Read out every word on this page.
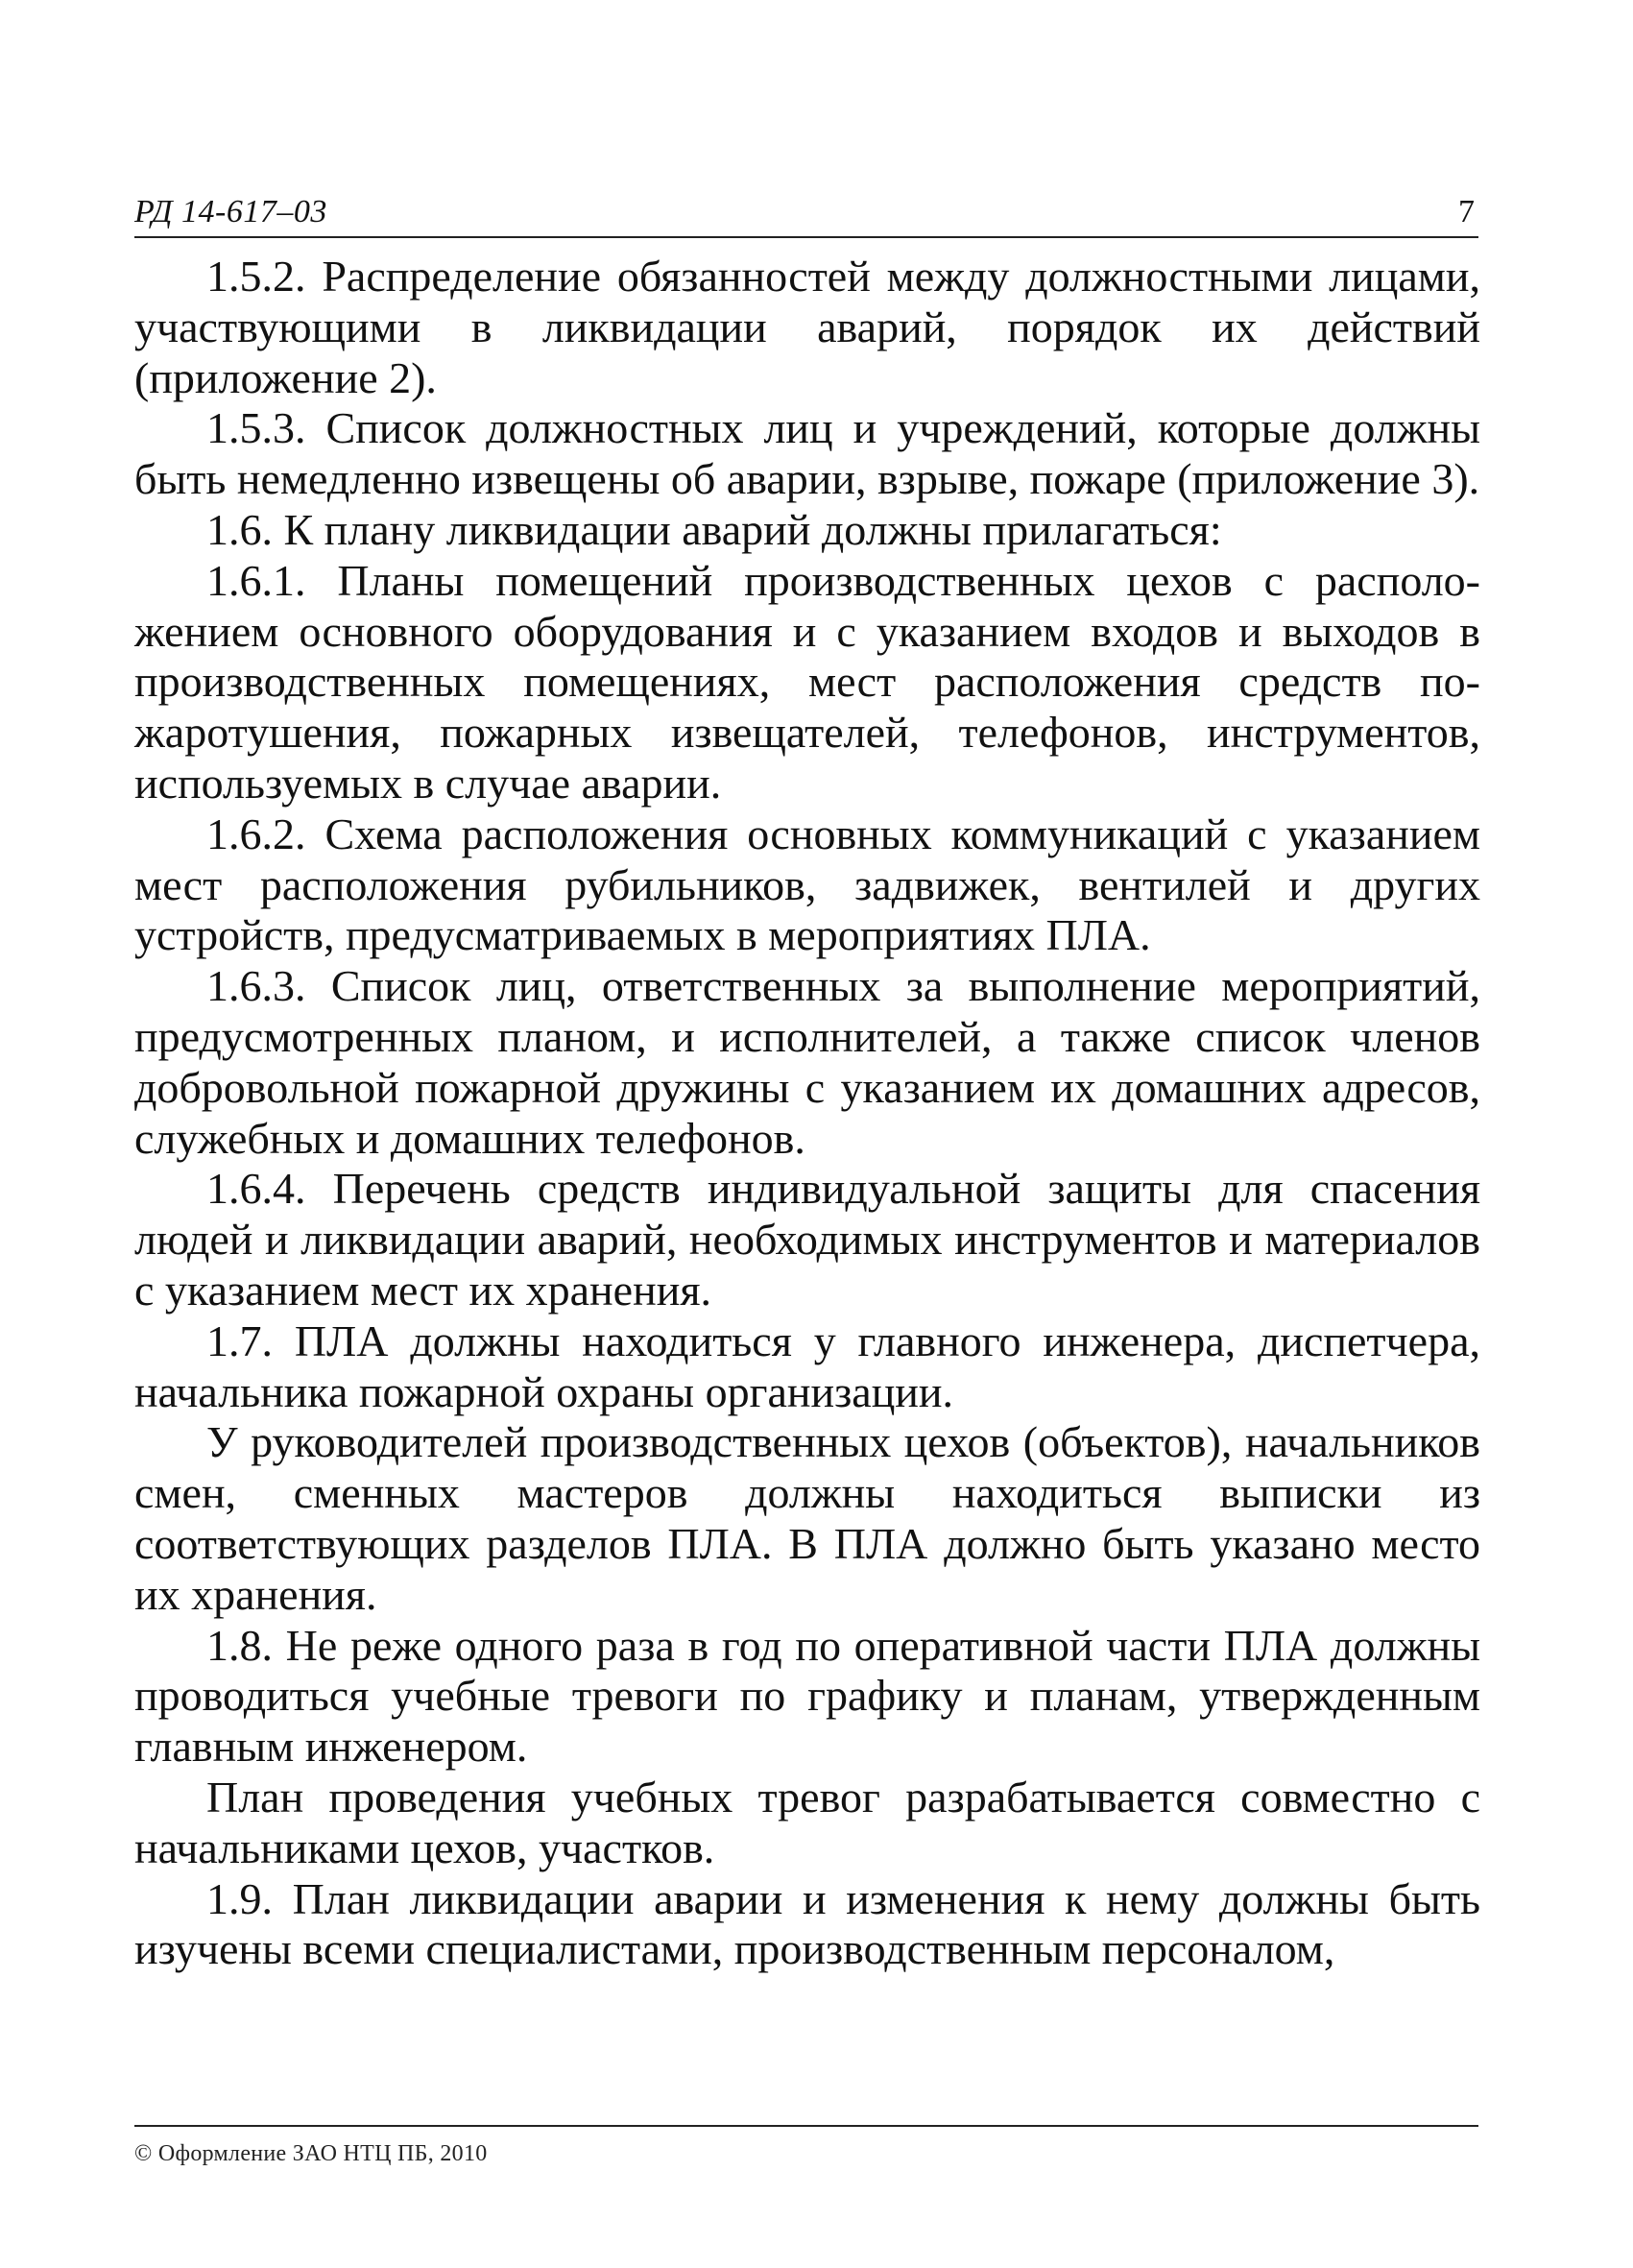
РД 14-617–03	7

1.5.2. Распределение обязанностей между должностными лицами, участвующими в ликвидации аварий, порядок их действий (приложение 2).

1.5.3. Список должностных лиц и учреждений, которые должны быть немедленно извещены об аварии, взрыве, пожаре (приложение 3).

1.6. К плану ликвидации аварий должны прилагаться:

1.6.1. Планы помещений производственных цехов с расположением основного оборудования и с указанием входов и выходов в производственных помещениях, мест расположения средств пожаротушения, пожарных извещателей, телефонов, инструментов, используемых в случае аварии.

1.6.2. Схема расположения основных коммуникаций с указанием мест расположения рубильников, задвижек, вентилей и других устройств, предусматриваемых в мероприятиях ПЛА.

1.6.3. Список лиц, ответственных за выполнение мероприятий, предусмотренных планом, и исполнителей, а также список членов добровольной пожарной дружины с указанием их домашних адресов, служебных и домашних телефонов.

1.6.4. Перечень средств индивидуальной защиты для спасения людей и ликвидации аварий, необходимых инструментов и материалов с указанием мест их хранения.

1.7. ПЛА должны находиться у главного инженера, диспетчера, начальника пожарной охраны организации.

У руководителей производственных цехов (объектов), начальников смен, сменных мастеров должны находиться выписки из соответствующих разделов ПЛА. В ПЛА должно быть указано место их хранения.

1.8. Не реже одного раза в год по оперативной части ПЛА должны проводиться учебные тревоги по графику и планам, утвержденным главным инженером.

План проведения учебных тревог разрабатывается совместно с начальниками цехов, участков.

1.9. План ликвидации аварии и изменения к нему должны быть изучены всеми специалистами, производственным персоналом,

© Оформление ЗАО НТЦ ПБ, 2010
